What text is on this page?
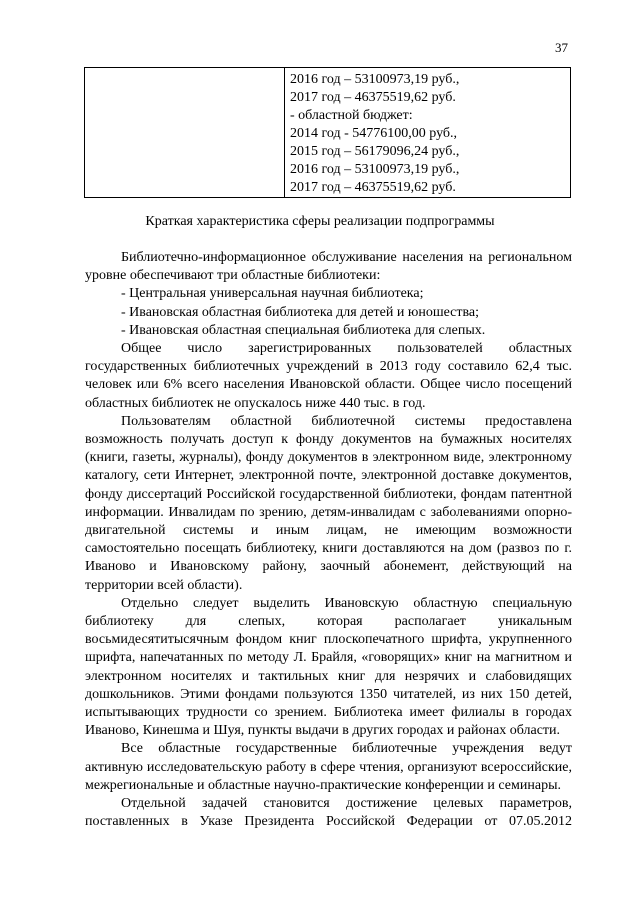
37
2016 год – 53100973,19 руб.,
2017 год – 46375519,62 руб.
- областной бюджет:
2014 год - 54776100,00 руб.,
2015 год – 56179096,24 руб.,
2016 год – 53100973,19 руб.,
2017 год – 46375519,62 руб.
Краткая характеристика сферы реализации подпрограммы

Библиотечно-информационное обслуживание населения на региональном уровне обеспечивают три областные библиотеки:

- Центральная универсальная научная библиотека;

- Ивановская областная библиотека для детей и юношества;

- Ивановская областная специальная библиотека для слепых.

Общее число зарегистрированных пользователей областных государственных библиотечных учреждений в 2013 году составило 62,4 тыс. человек или 6% всего населения Ивановской области. Общее число посещений областных библиотек не опускалось ниже 440 тыс. в год.

Пользователям областной библиотечной системы предоставлена возможность получать доступ к фонду документов на бумажных носителях (книги, газеты, журналы), фонду документов в электронном виде, электронному каталогу, сети Интернет, электронной почте, электронной доставке документов, фонду диссертаций Российской государственной библиотеки, фондам патентной информации. Инвалидам по зрению, детям-инвалидам с заболеваниями опорно-двигательной системы и иным лицам, не имеющим возможности самостоятельно посещать библиотеку, книги доставляются на дом (развоз по г. Иваново и Ивановскому району, заочный абонемент, действующий на территории всей области).

Отдельно следует выделить Ивановскую областную специальную библиотеку для слепых, которая располагает уникальным восьмидесятитысячным фондом книг плоскопечатного шрифта, укрупненного шрифта, напечатанных по методу Л. Брайля, «говорящих» книг на магнитном и электронном носителях и тактильных книг для незрячих и слабовидящих дошкольников. Этими фондами пользуются 1350 читателей, из них 150 детей, испытывающих трудности со зрением. Библиотека имеет филиалы в городах Иваново, Кинешма и Шуя, пункты выдачи в других городах и районах области.

Все областные государственные библиотечные учреждения ведут активную исследовательскую работу в сфере чтения, организуют всероссийские, межрегиональные и областные научно-практические конференции и семинары.

Отдельной задачей становится достижение целевых параметров, поставленных в Указе Президента Российской Федерации от 07.05.2012
